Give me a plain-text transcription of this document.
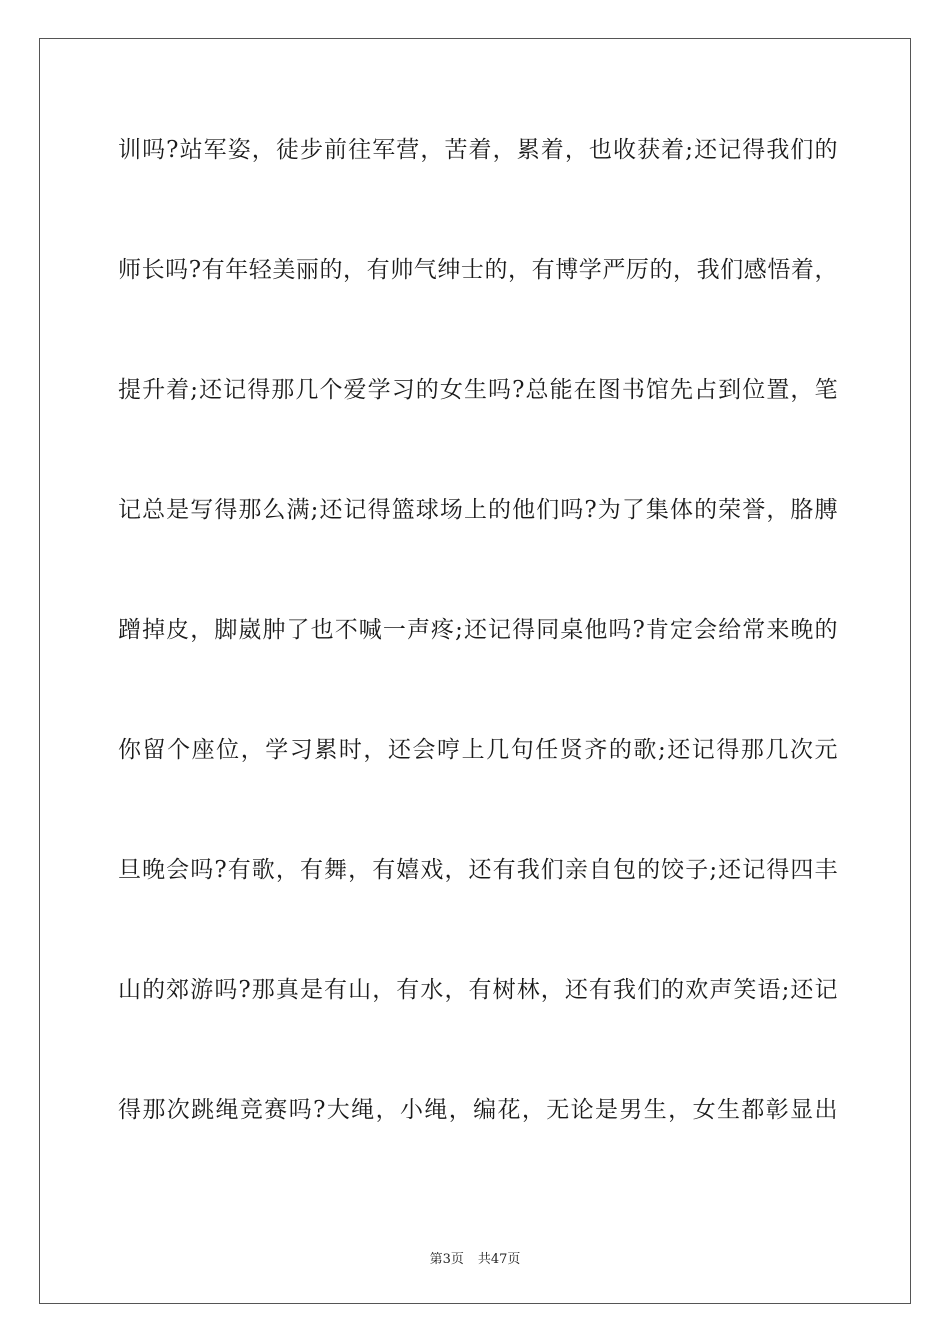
训吗?站军姿，徒步前往军营，苦着，累着，也收获着;还记得我们的

师长吗?有年轻美丽的，有帅气绅士的，有博学严厉的，我们感悟着，

提升着;还记得那几个爱学习的女生吗?总能在图书馆先占到位置，笔

记总是写得那么满;还记得篮球场上的他们吗?为了集体的荣誉，胳膊

蹭掉皮，脚崴肿了也不喊一声疼;还记得同桌他吗?肯定会给常来晚的

你留个座位，学习累时，还会哼上几句任贤齐的歌;还记得那几次元

旦晚会吗?有歌，有舞，有嬉戏，还有我们亲自包的饺子;还记得四丰

山的郊游吗?那真是有山，有水，有树林，还有我们的欢声笑语;还记

得那次跳绳竞赛吗?大绳，小绳，编花，无论是男生，女生都彰显出

第3页 共47页
